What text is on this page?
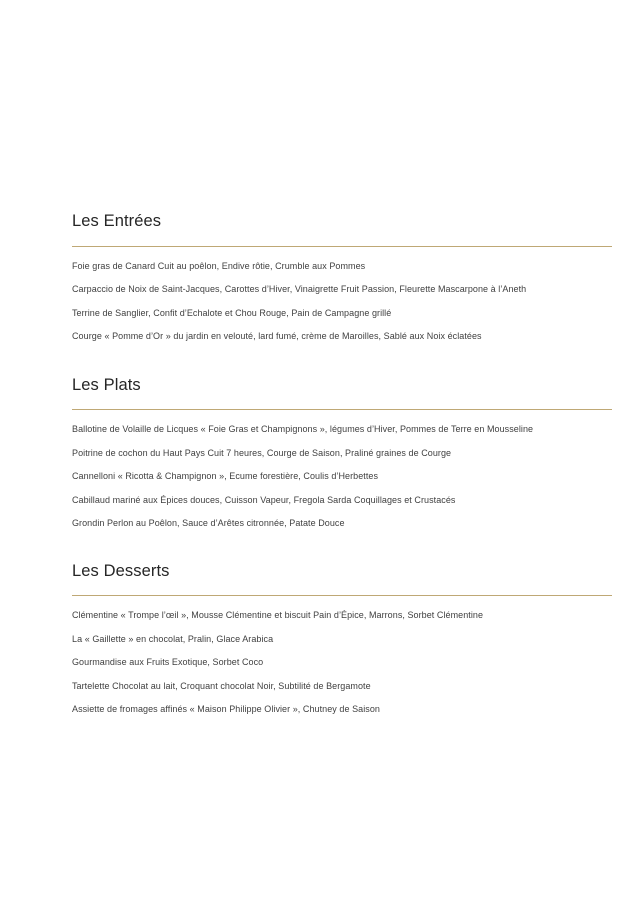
Les Entrées
Foie gras de Canard Cuit au poêlon, Endive rôtie, Crumble aux Pommes
Carpaccio de Noix de Saint-Jacques, Carottes d’Hiver, Vinaigrette Fruit Passion, Fleurette Mascarpone à l’Aneth
Terrine de Sanglier, Confit d’Echalote et Chou Rouge, Pain de Campagne grillé
Courge « Pomme d’Or » du jardin en velouté, lard fumé, crème de Maroilles, Sablé aux Noix éclatées
Les Plats
Ballotine de Volaille de Licques « Foie Gras et Champignons », légumes d’Hiver, Pommes de Terre en Mousseline
Poitrine de cochon du Haut Pays Cuit 7 heures, Courge de Saison, Praliné graines de Courge
Cannelloni « Ricotta & Champignon », Ecume forestière, Coulis d’Herbettes
Cabillaud mariné aux Épices douces, Cuisson Vapeur, Fregola Sarda Coquillages et Crustacés
Grondin Perlon au Poêlon, Sauce d’Arêtes citronnée, Patate Douce
Les Desserts
Clémentine « Trompe l’œil », Mousse Clémentine et biscuit Pain d’Épice, Marrons, Sorbet Clémentine
La « Gaillette » en chocolat, Pralin, Glace Arabica
Gourmandise aux Fruits Exotique, Sorbet Coco
Tartelette Chocolat au lait, Croquant chocolat Noir, Subtilité de Bergamote
Assiette de fromages affinés « Maison Philippe Olivier », Chutney de Saison
